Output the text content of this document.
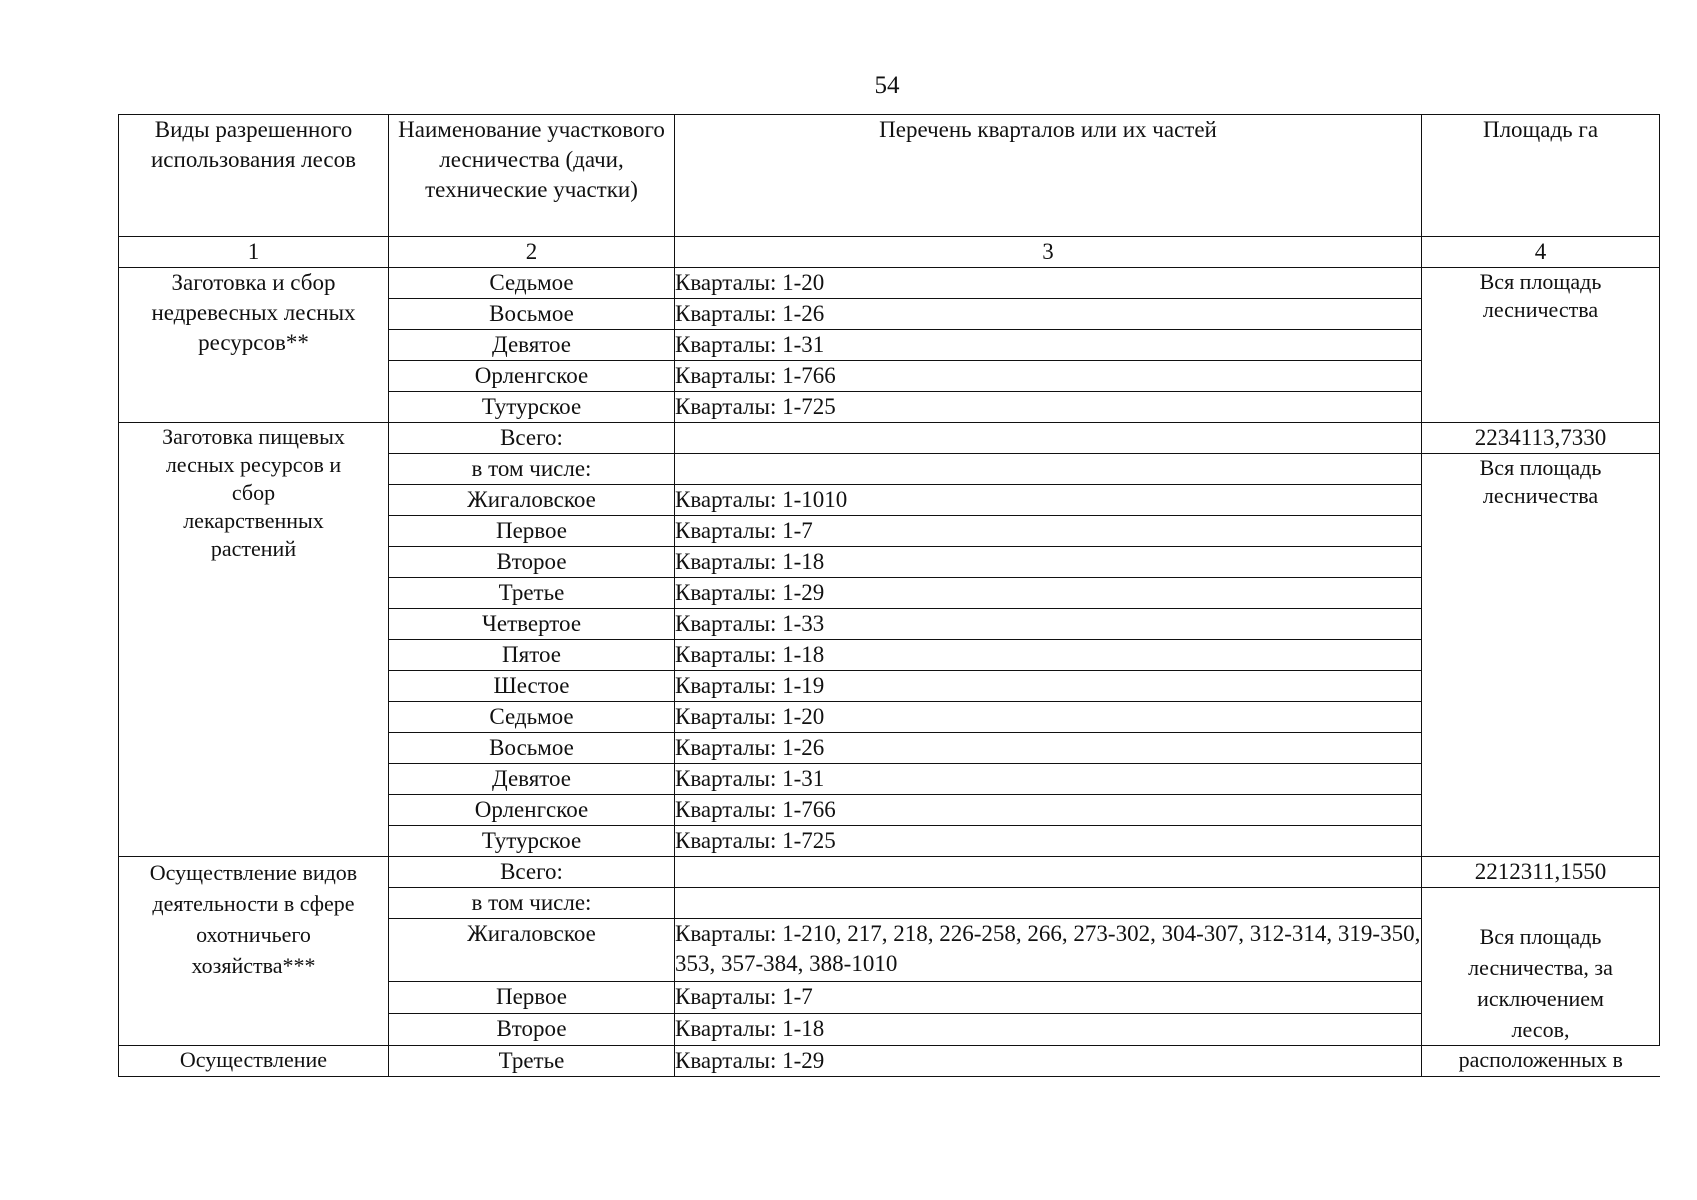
54
Виды разрешенного использования лесов	Наименование участкового лесничества (дачи, технические участки)	Перечень кварталов или их частей	Площадь га
1	2	3	4

Заготовка и сбор недревесных лесных ресурсов**	Седьмое	Кварталы: 1-20	Вся площадь лесничества
	Восьмое	Кварталы: 1-26	
	Девятое	Кварталы: 1-31	
	Орленгское	Кварталы: 1-766	
	Тутурское	Кварталы: 1-725	

Заготовка пищевых лесных ресурсов и сбор лекарственных растений	Всего:		2234113,7330
	в том числе:		Вся площадь лесничества
	Жигаловское	Кварталы: 1-1010	
	Первое	Кварталы: 1-7	
	Второе	Кварталы: 1-18	
	Третье	Кварталы: 1-29	
	Четвертое	Кварталы: 1-33	
	Пятое	Кварталы: 1-18	
	Шестое	Кварталы: 1-19	
	Седьмое	Кварталы: 1-20	
	Восьмое	Кварталы: 1-26	
	Девятое	Кварталы: 1-31	
	Орленгское	Кварталы: 1-766	
	Тутурское	Кварталы: 1-725	

Осуществление видов деятельности в сфере охотничьего хозяйства***	Всего:		2212311,1550
	в том числе:		
	Жигаловское	Кварталы: 1-210, 217, 218, 226-258, 266, 273-302, 304-307, 312-314, 319-350, 353, 357-384, 388-1010	Вся площадь лесничества, за исключением лесов,
	Первое	Кварталы: 1-7	
	Второе	Кварталы: 1-18	

Осуществление	Третье	Кварталы: 1-29	расположенных в
